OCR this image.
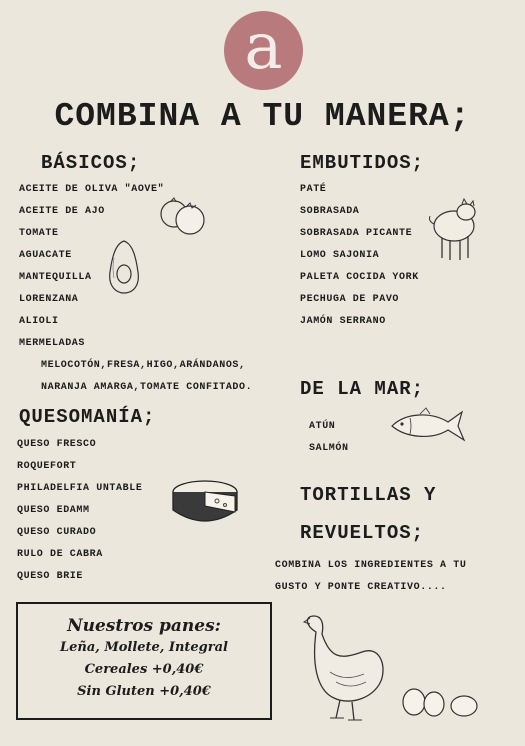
a
COMBINA A TU MANERA;
BÁSICOS;
ACEITE DE OLIVA "AOVE"
ACEITE DE AJO
TOMATE
AGUACATE
MANTEQUILLA
LORENZANA
ALIOLI
MERMELADAS
MELOCOTÓN,FRESA,HIGO,ARÁNDANOS,
NARANJA AMARGA,TOMATE CONFITADO.
QUESOMANÍA;
QUESO FRESCO
ROQUEFORT
PHILADELFIA UNTABLE
QUESO EDAMM
QUESO CURADO
RULO DE CABRA
QUESO BRIE
EMBUTIDOS;
PATÉ
SOBRASADA
SOBRASADA PICANTE
LOMO SAJONIA
PALETA COCIDA YORK
PECHUGA DE PAVO
JAMÓN SERRANO
DE LA MAR;
ATÚN
SALMÓN
TORTILLAS Y
REVUELTOS;
COMBINA LOS INGREDIENTES A TU
GUSTO Y PONTE CREATIVO....
Nuestros panes:
Leña, Mollete, Integral
Cereales +0,40€
Sin Gluten +0,40€
